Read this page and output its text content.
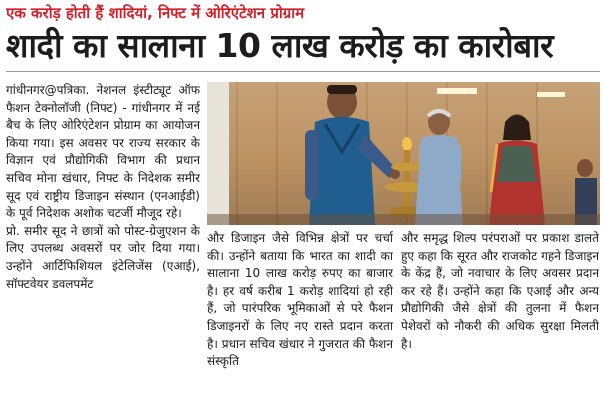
एक करोड़ होती हैं शादियां, निफ्ट में ओरिएंटेशन प्रोग्राम
शादी का सालाना 10 लाख करोड़ का कारोबार

गांधीनगर@पत्रिका. नेशनल इंस्टीट्यूट ऑफ फैशन टेक्नोलॉजी (निफ्ट) - गांधीनगर में नई बैच के लिए ओरिएंटेशन प्रोग्राम का आयोजन किया गया। इस अवसर पर राज्य सरकार के विज्ञान एवं प्रौद्योगिकी विभाग की प्रधान सचिव मोना खंधार, निफ्ट के निदेशक समीर सूद एवं राष्ट्रीय डिजाइन संस्थान (एनआईडी) के पूर्व निदेशक अशोक चटर्जी मौजूद रहे।

प्रो. समीर सूद ने छात्रों को पोस्ट-ग्रेजुएशन के लिए उपलब्ध अवसरों पर जोर दिया गया। उन्होंने आर्टिफिशियल इंटेलिजेंस (एआई), सॉफ्टवेयर डवलपमेंट

और डिजाइन जैसे विभिन्न क्षेत्रों पर चर्चा की। उन्होंने बताया कि भारत का शादी का सालाना 10 लाख करोड़ रुपए का बाजार है। हर वर्ष करीब 1 करोड़ शादियां हो रही हैं, जो पारंपरिक भूमिकाओं से परे फैशन डिजाइनरों के लिए नए रास्ते प्रदान करता है। प्रधान सचिव खंधार ने गुजरात की फैशन संस्कृति

और समृद्ध शिल्प परंपराओं पर प्रकाश डालते हुए कहा कि सूरत और राजकोट गहने डिजाइन के केंद्र हैं, जो नवाचार के लिए अवसर प्रदान कर रहे हैं। उन्होंने कहा कि एआई और अन्य प्रौद्योगिकी जैसे क्षेत्रों की तुलना में फैशन पेशेवरों को नौकरी की अधिक सुरक्षा मिलती है।
